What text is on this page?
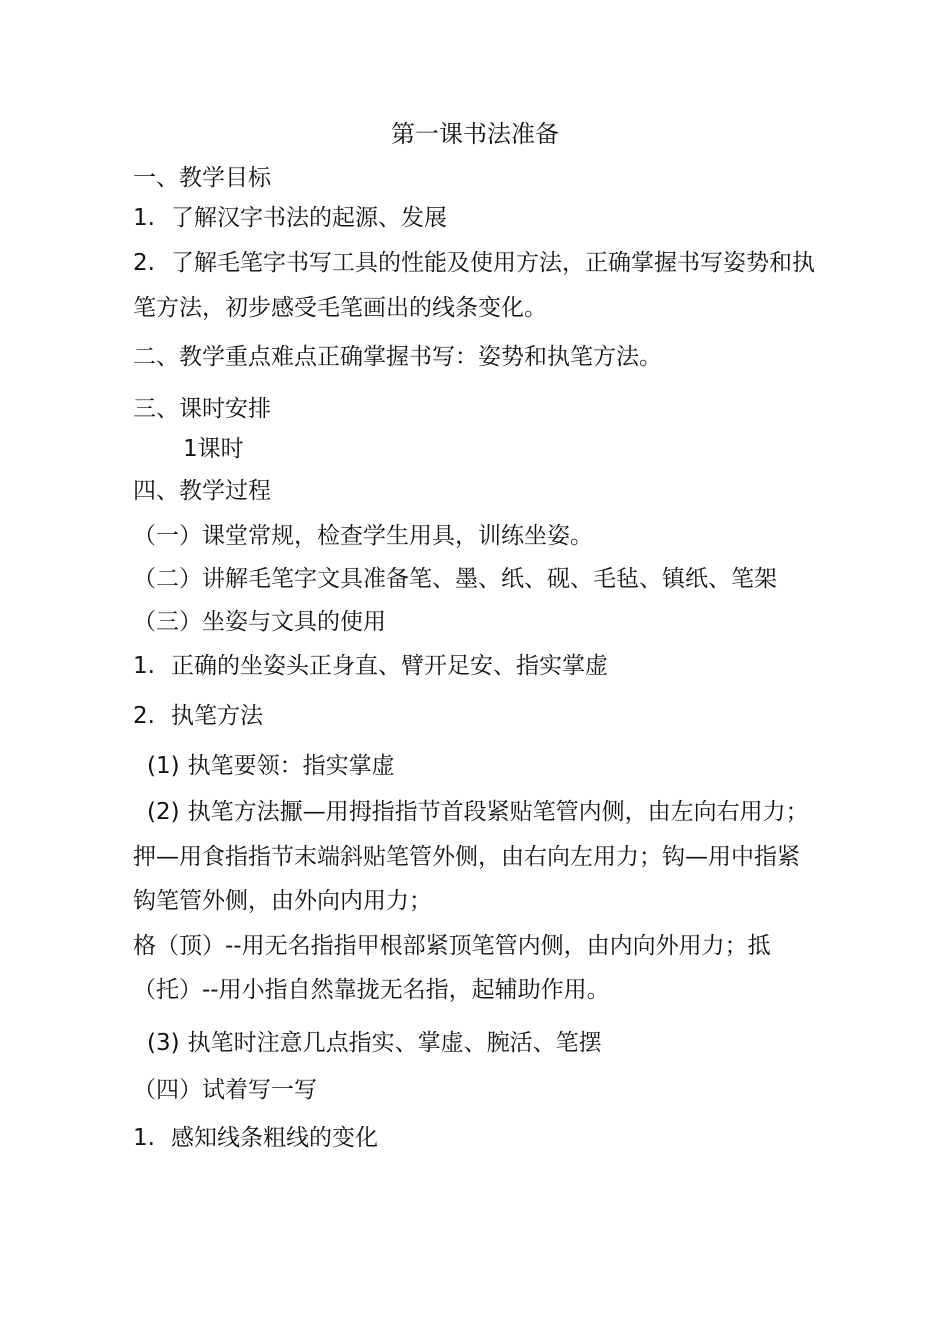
第一课书法准备
一、教学目标
1. 了解汉字书法的起源、发展
2. 了解毛笔字书写工具的性能及使用方法，正确掌握书写姿势和执
笔方法，初步感受毛笔画出的线条变化。
二、教学重点难点正确掌握书写：姿势和执笔方法。
三、课时安排
1课时
四、教学过程
（一）课堂常规，检查学生用具，训练坐姿。
（二）讲解毛笔字文具准备笔、墨、纸、砚、毛毡、镇纸、笔架
（三）坐姿与文具的使用
1. 正确的坐姿头正身直、臂开足安、指实掌虚
2. 执笔方法
(1) 执笔要领：指实掌虚
(2) 执笔方法擫—用拇指指节首段紧贴笔管内侧，由左向右用力；
押—用食指指节末端斜贴笔管外侧，由右向左用力；钩—用中指紧
钩笔管外侧，由外向内用力；
格（顶）--用无名指指甲根部紧顶笔管内侧，由内向外用力；抵
（托）--用小指自然靠拢无名指，起辅助作用。
(3) 执笔时注意几点指实、掌虚、腕活、笔摆
（四）试着写一写
1. 感知线条粗线的变化
